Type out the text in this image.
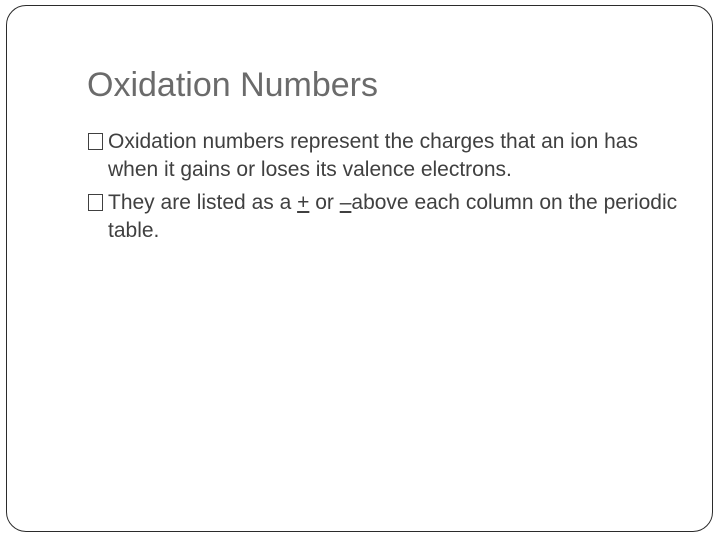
Oxidation Numbers
Oxidation numbers represent the charges that an ion has when it gains or loses its valence electrons.
They are listed as a + or –above each column on the periodic table.
